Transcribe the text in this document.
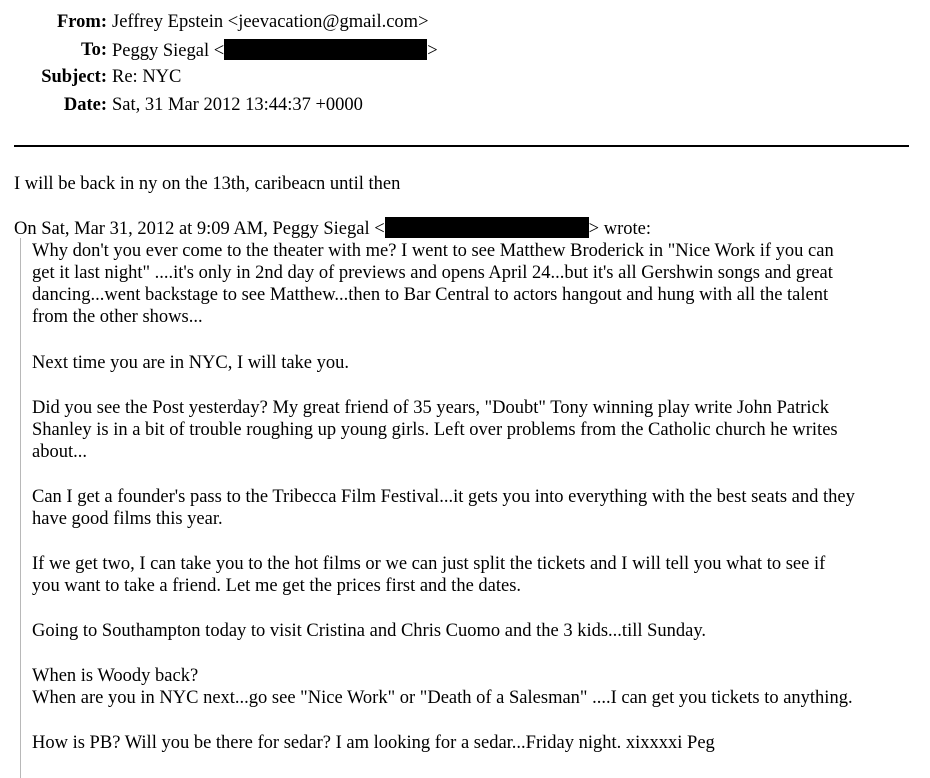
From: Jeffrey Epstein <jeevacation@gmail.com>
To: Peggy Siegal <	>
Subject: Re: NYC
Date: Sat, 31 Mar 2012 13:44:37 +0000
I will be back in ny on the 13th, caribeacn until then
On Sat, Mar 31, 2012 at 9:09 AM, Peggy Siegal <	> wrote:
Why don't you ever come to the theater with me? I went to see Matthew Broderick in "Nice Work if you can
get it last night" ....it's only in 2nd day of previews and opens April 24...but it's all Gershwin songs and great
dancing...went backstage to see Matthew...then to Bar Central to actors hangout and hung with all the talent
from the other shows...
Next time you are in NYC, I will take you.
Did you see the Post yesterday? My great friend of 35 years, "Doubt" Tony winning play write John Patrick
Shanley is in a bit of trouble roughing up young girls. Left over problems from the Catholic church he writes
about...
Can I get a founder's pass to the Tribecca Film Festival...it gets you into everything with the best seats and they
have good films this year.
If we get two, I can take you to the hot films or we can just split the tickets and I will tell you what to see if
you want to take a friend. Let me get the prices first and the dates.
Going to Southampton today to visit Cristina and Chris Cuomo and the 3 kids...till Sunday.
When is Woody back?
When are you in NYC next...go see "Nice Work" or "Death of a Salesman" ....I can get you tickets to anything.
How is PB? Will you be there for sedar? I am looking for a sedar...Friday night. xixxxxi Peg
